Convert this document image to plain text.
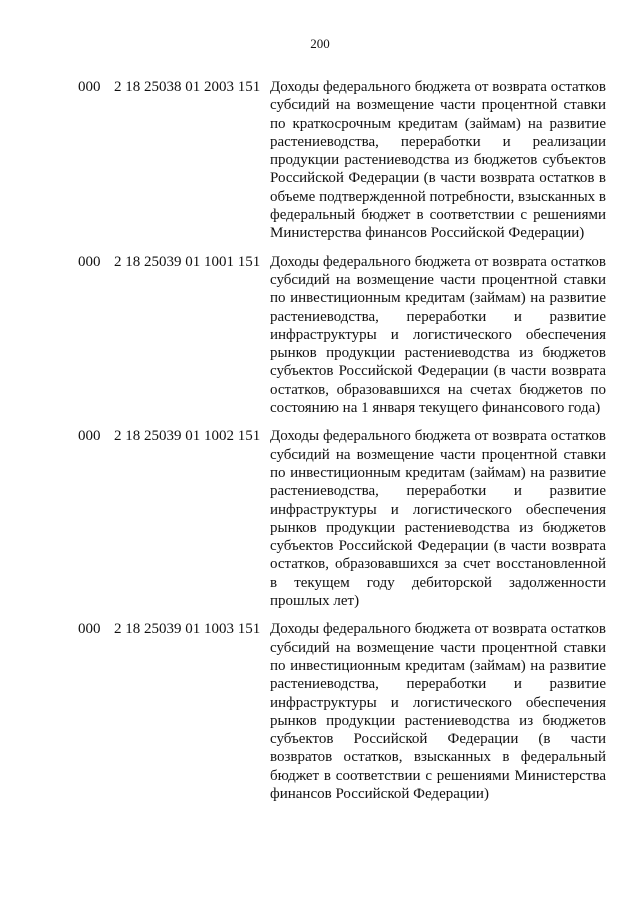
200
000 2 18 25038 01 2003 151 Доходы федерального бюджета от возврата остатков субсидий на возмещение части процентной ставки по краткосрочным кредитам (займам) на развитие растениеводства, переработки и реализации продукции растениеводства из бюджетов субъектов Российской Федерации (в части возврата остатков в объеме подтвержденной потребности, взысканных в федеральный бюджет в соответствии с решениями Министерства финансов Российской Федерации)
000 2 18 25039 01 1001 151 Доходы федерального бюджета от возврата остатков субсидий на возмещение части процентной ставки по инвестиционным кредитам (займам) на развитие растениеводства, переработки и развитие инфраструктуры и логистического обеспечения рынков продукции растениеводства из бюджетов субъектов Российской Федерации (в части возврата остатков, образовавшихся на счетах бюджетов по состоянию на 1 января текущего финансового года)
000 2 18 25039 01 1002 151 Доходы федерального бюджета от возврата остатков субсидий на возмещение части процентной ставки по инвестиционным кредитам (займам) на развитие растениеводства, переработки и развитие инфраструктуры и логистического обеспечения рынков продукции растениеводства из бюджетов субъектов Российской Федерации (в части возврата остатков, образовавшихся за счет восстановленной в текущем году дебиторской задолженности прошлых лет)
000 2 18 25039 01 1003 151 Доходы федерального бюджета от возврата остатков субсидий на возмещение части процентной ставки по инвестиционным кредитам (займам) на развитие растениеводства, переработки и развитие инфраструктуры и логистического обеспечения рынков продукции растениеводства из бюджетов субъектов Российской Федерации (в части возвратов остатков, взысканных в федеральный бюджет в соответствии с решениями Министерства финансов Российской Федерации)
